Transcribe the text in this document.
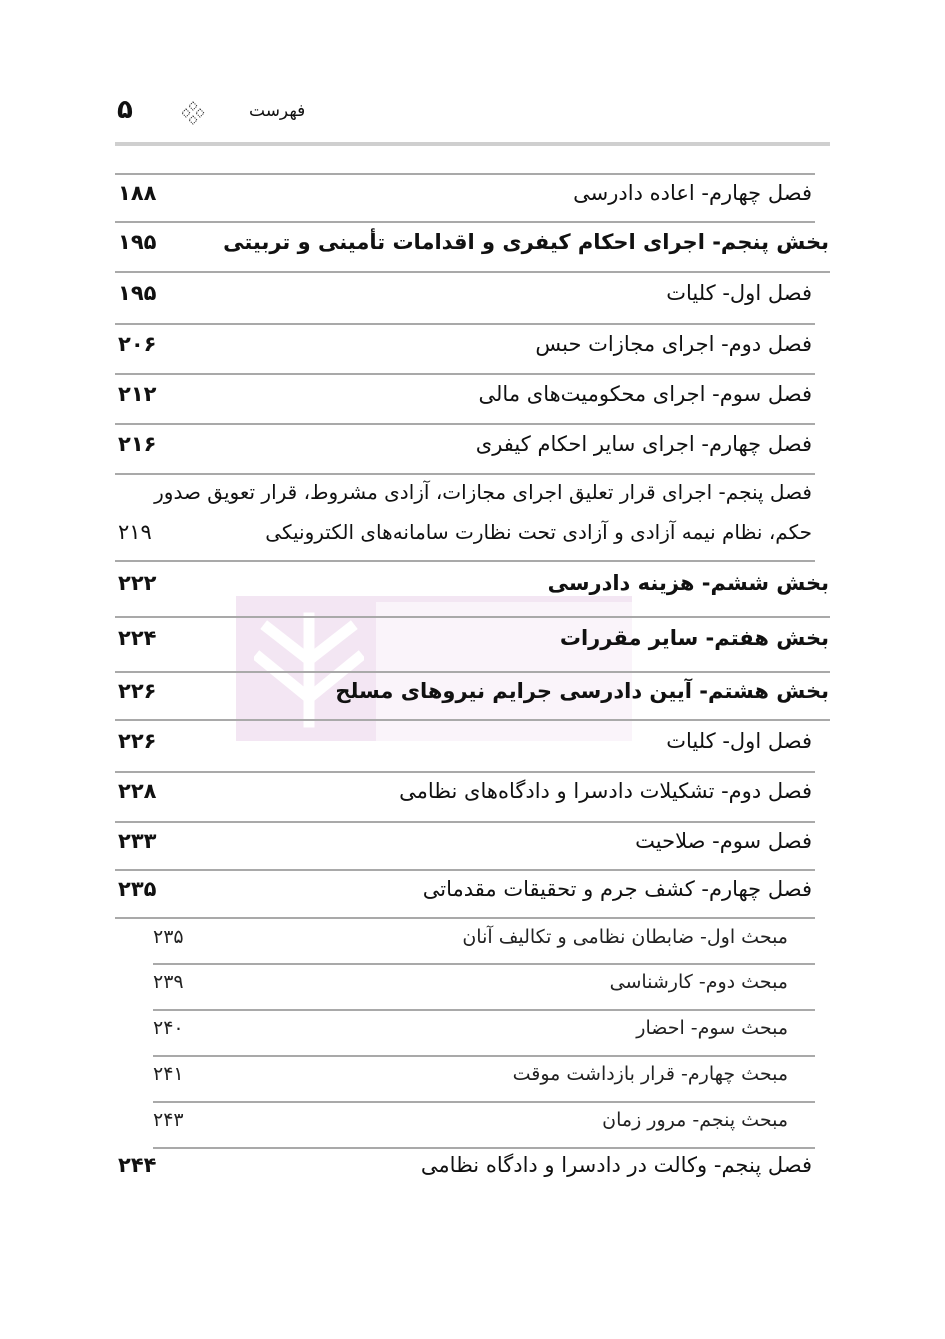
۵	فهرست
فصل چهارم- اعاده دادرسی
۱۸۸
بخش پنجم- اجرای احکام کیفری و اقدامات تأمینی و تربیتی
۱۹۵
فصل اول- کلیات
۱۹۵
فصل دوم- اجرای مجازات حبس
۲۰۶
فصل سوم- اجرای محکومیت‌های مالی
۲۱۲
فصل چهارم- اجرای سایر احکام کیفری
۲۱۶
فصل پنجم- اجرای قرار تعلیق اجرای مجازات، آزادی مشروط، قرار تعویق صدور
حکم، نظام نیمه آزادی و آزادی تحت نظارت سامانه‌های الکترونیکی
۲۱۹
بخش ششم- هزینه دادرسی
۲۲۲
بخش هفتم- سایر مقررات
۲۲۴
بخش هشتم- آیین دادرسی جرایم نیروهای مسلح
۲۲۶
فصل اول- کلیات
۲۲۶
فصل دوم- تشکیلات دادسرا و دادگاه‌های نظامی
۲۲۸
فصل سوم- صلاحیت
۲۳۳
فصل چهارم- کشف جرم و تحقیقات مقدماتی
۲۳۵
مبحث اول- ضابطان نظامی و تکالیف آنان
۲۳۵
مبحث دوم- کارشناسی
۲۳۹
مبحث سوم- احضار
۲۴۰
مبحث چهارم- قرار بازداشت موقت
۲۴۱
مبحث پنجم- مرور زمان
۲۴۳
فصل پنجم- وکالت در دادسرا و دادگاه نظامی
۲۴۴
